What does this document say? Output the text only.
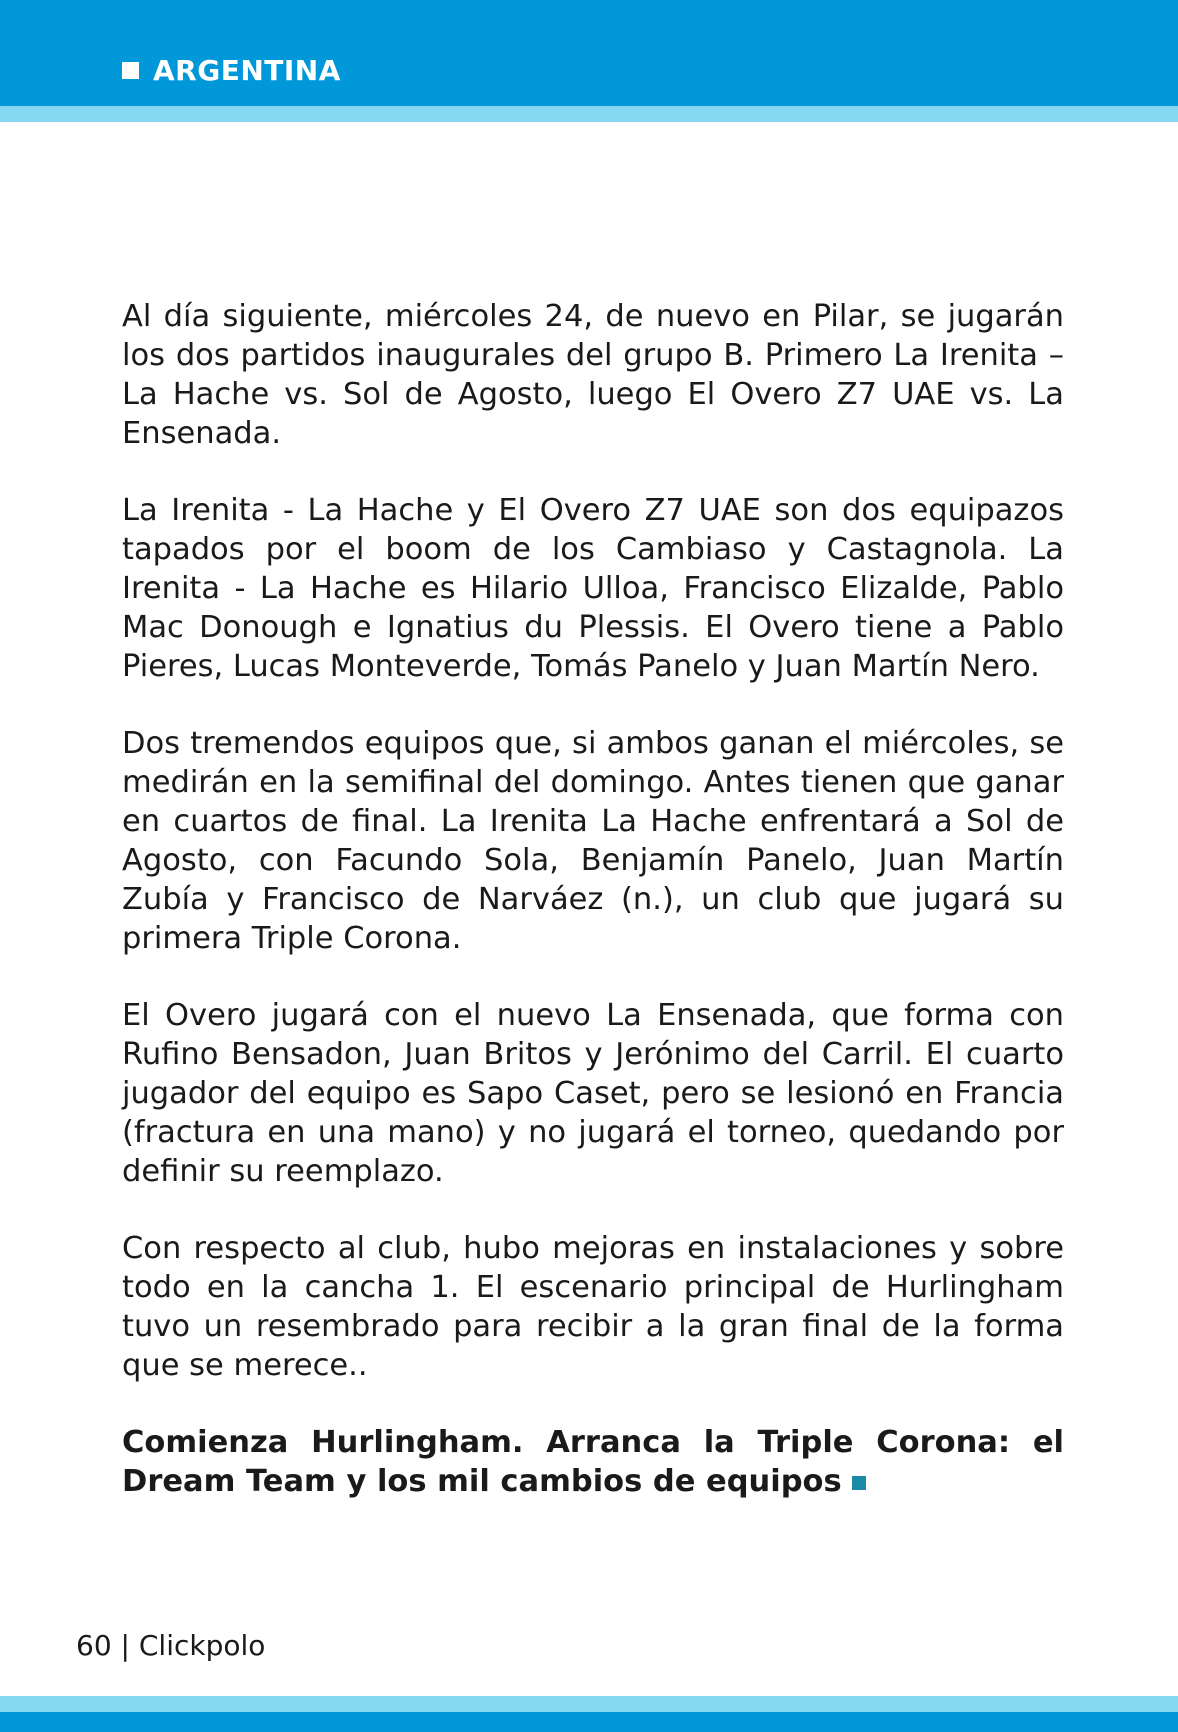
ARGENTINA

Al día siguiente, miércoles 24, de nuevo en Pilar, se jugarán los dos partidos inaugurales del grupo B. Primero La Irenita – La Hache vs. Sol de Agosto, luego El Overo Z7 UAE vs. La Ensenada.

La Irenita - La Hache y El Overo Z7 UAE son dos equipazos tapados por el boom de los Cambiaso y Castagnola. La Irenita - La Hache es Hilario Ulloa, Francisco Elizalde, Pablo Mac Donough e Ignatius du Plessis. El Overo tiene a Pablo Pieres, Lucas Monteverde, Tomás Panelo y Juan Martín Nero.

Dos tremendos equipos que, si ambos ganan el miércoles, se medirán en la semifinal del domingo. Antes tienen que ganar en cuartos de final. La Irenita La Hache enfrentará a Sol de Agosto, con Facundo Sola, Benjamín Panelo, Juan Martín Zubía y Francisco de Narváez (n.), un club que jugará su primera Triple Corona.

El Overo jugará con el nuevo La Ensenada, que forma con Rufino Bensadon, Juan Britos y Jerónimo del Carril. El cuarto jugador del equipo es Sapo Caset, pero se lesionó en Francia (fractura en una mano) y no jugará el torneo, quedando por definir su reemplazo.

Con respecto al club, hubo mejoras en instalaciones y sobre todo en la cancha 1. El escenario principal de Hurlingham tuvo un resembrado para recibir a la gran final de la forma que se merece..

Comienza Hurlingham. Arranca la Triple Corona: el Dream Team y los mil cambios de equipos

60 | Clickpolo
